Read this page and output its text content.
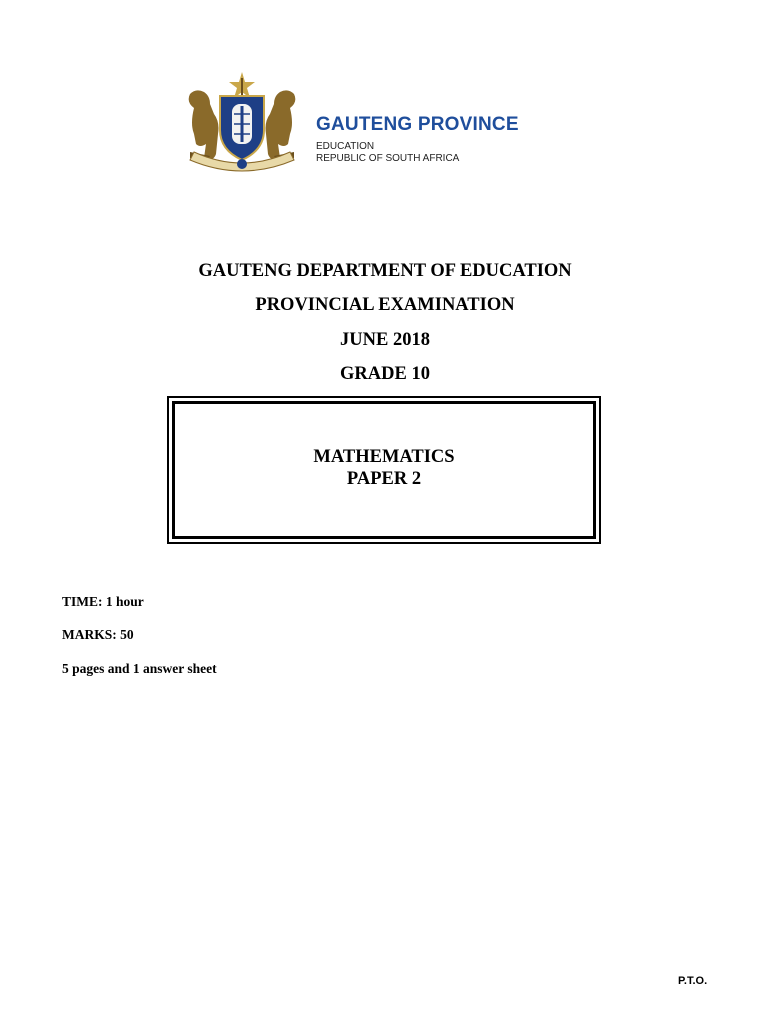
GAUTENG PROVINCE
EDUCATION
REPUBLIC OF SOUTH AFRICA
GAUTENG DEPARTMENT OF EDUCATION
PROVINCIAL EXAMINATION
JUNE 2018
GRADE 10
MATHEMATICS
PAPER 2
TIME: 1 hour
MARKS: 50
5 pages and 1 answer sheet
P.T.O.
